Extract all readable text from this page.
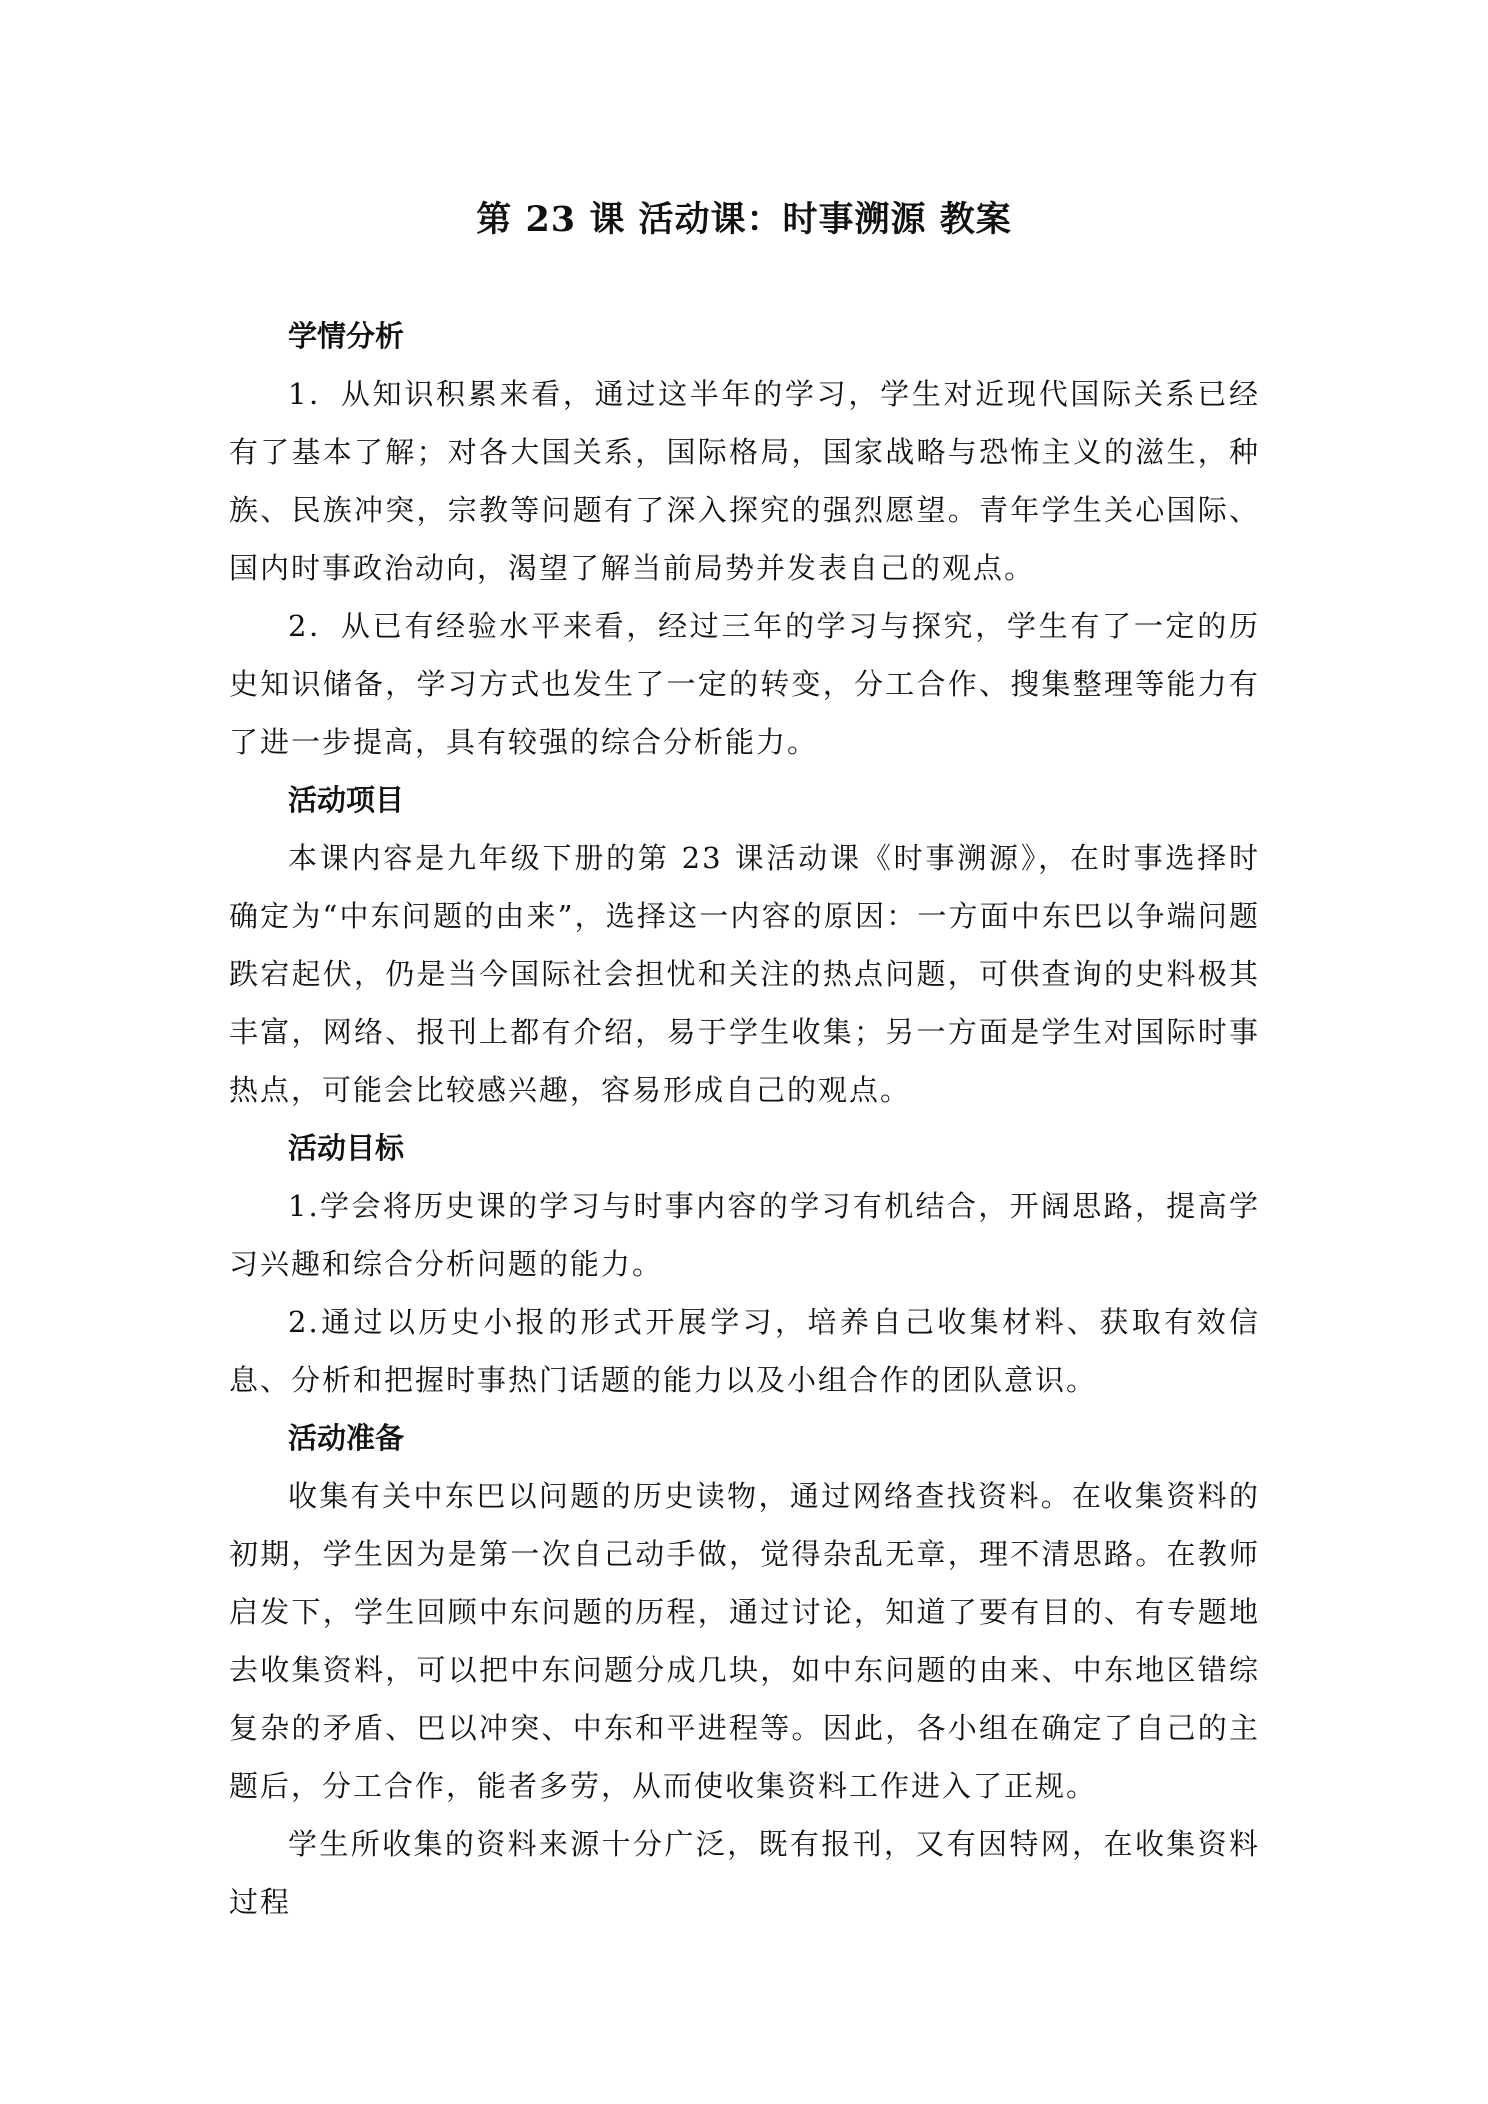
第 23 课 活动课：时事溯源 教案

学情分析

1．从知识积累来看，通过这半年的学习，学生对近现代国际关系已经有了基本了解；对各大国关系，国际格局，国家战略与恐怖主义的滋生，种族、民族冲突，宗教等问题有了深入探究的强烈愿望。青年学生关心国际、国内时事政治动向，渴望了解当前局势并发表自己的观点。

2．从已有经验水平来看，经过三年的学习与探究，学生有了一定的历史知识储备，学习方式也发生了一定的转变，分工合作、搜集整理等能力有了进一步提高，具有较强的综合分析能力。

活动项目

本课内容是九年级下册的第 23 课活动课《时事溯源》，在时事选择时确定为“中东问题的由来”，选择这一内容的原因：一方面中东巴以争端问题跌宕起伏，仍是当今国际社会担忧和关注的热点问题，可供查询的史料极其丰富，网络、报刊上都有介绍，易于学生收集；另一方面是学生对国际时事热点，可能会比较感兴趣，容易形成自己的观点。

活动目标

1.学会将历史课的学习与时事内容的学习有机结合，开阔思路，提高学习兴趣和综合分析问题的能力。

2.通过以历史小报的形式开展学习，培养自己收集材料、获取有效信息、分析和把握时事热门话题的能力以及小组合作的团队意识。

活动准备

收集有关中东巴以问题的历史读物，通过网络查找资料。在收集资料的初期，学生因为是第一次自己动手做，觉得杂乱无章，理不清思路。在教师启发下，学生回顾中东问题的历程，通过讨论，知道了要有目的、有专题地去收集资料，可以把中东问题分成几块，如中东问题的由来、中东地区错综复杂的矛盾、巴以冲突、中东和平进程等。因此，各小组在确定了自己的主题后，分工合作，能者多劳，从而使收集资料工作进入了正规。

学生所收集的资料来源十分广泛，既有报刊，又有因特网，在收集资料过程
